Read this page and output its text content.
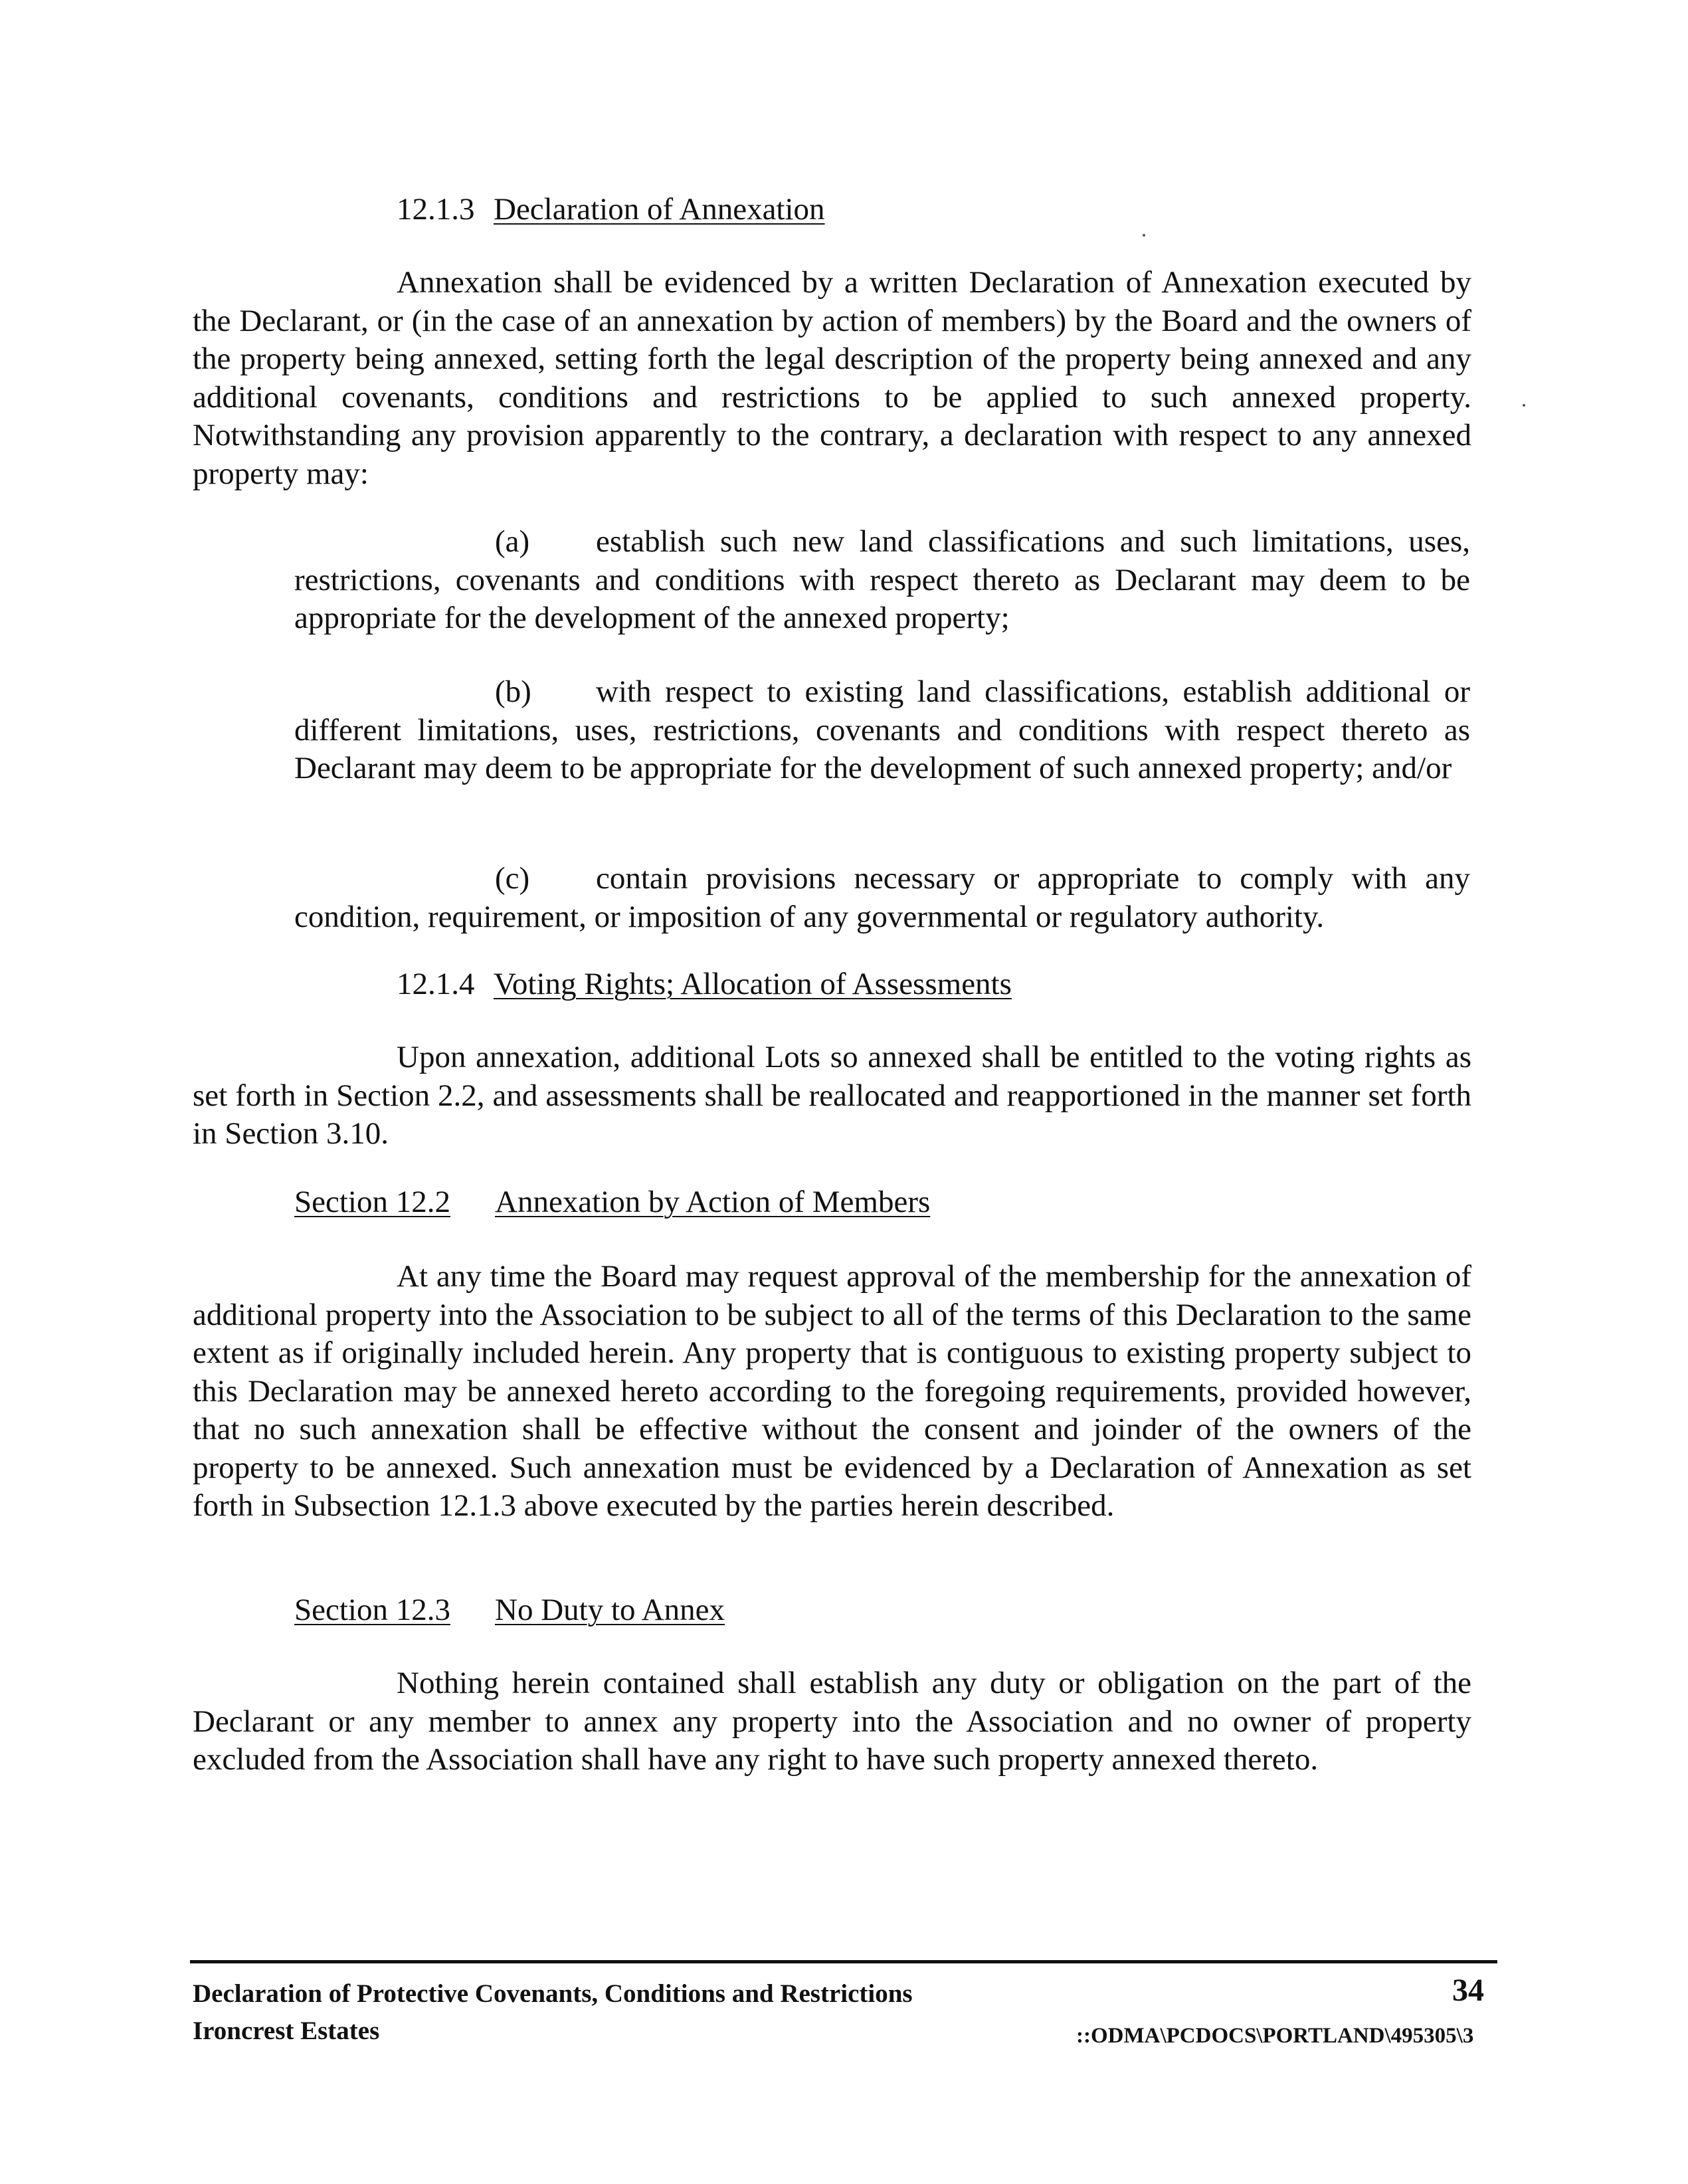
12.1.3 Declaration of Annexation
Annexation shall be evidenced by a written Declaration of Annexation executed by the Declarant, or (in the case of an annexation by action of members) by the Board and the owners of the property being annexed, setting forth the legal description of the property being annexed and any additional covenants, conditions and restrictions to be applied to such annexed property. Notwithstanding any provision apparently to the contrary, a declaration with respect to any annexed property may:
(a) establish such new land classifications and such limitations, uses, restrictions, covenants and conditions with respect thereto as Declarant may deem to be appropriate for the development of the annexed property;
(b) with respect to existing land classifications, establish additional or different limitations, uses, restrictions, covenants and conditions with respect thereto as Declarant may deem to be appropriate for the development of such annexed property; and/or
(c) contain provisions necessary or appropriate to comply with any condition, requirement, or imposition of any governmental or regulatory authority.
12.1.4 Voting Rights; Allocation of Assessments
Upon annexation, additional Lots so annexed shall be entitled to the voting rights as set forth in Section 2.2, and assessments shall be reallocated and reapportioned in the manner set forth in Section 3.10.
Section 12.2 Annexation by Action of Members
At any time the Board may request approval of the membership for the annexation of additional property into the Association to be subject to all of the terms of this Declaration to the same extent as if originally included herein. Any property that is contiguous to existing property subject to this Declaration may be annexed hereto according to the foregoing requirements, provided however, that no such annexation shall be effective without the consent and joinder of the owners of the property to be annexed. Such annexation must be evidenced by a Declaration of Annexation as set forth in Subsection 12.1.3 above executed by the parties herein described.
Section 12.3 No Duty to Annex
Nothing herein contained shall establish any duty or obligation on the part of the Declarant or any member to annex any property into the Association and no owner of property excluded from the Association shall have any right to have such property annexed thereto.
Declaration of Protective Covenants, Conditions and Restrictions	34
Ironcrest Estates	::ODMA\PCDOCS\PORTLAND\495305\3
